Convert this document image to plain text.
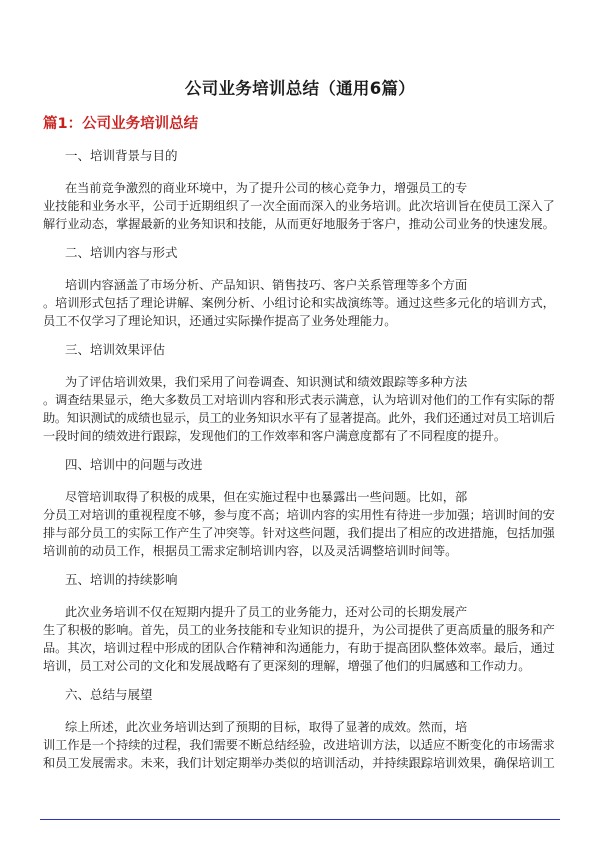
公司业务培训总结（通用6篇）
篇1：公司业务培训总结
一、培训背景与目的
在当前竞争激烈的商业环境中，为了提升公司的核心竞争力，增强员工的专
业技能和业务水平，公司于近期组织了一次全面而深入的业务培训。此次培训旨在使员工深入了
解行业动态，掌握最新的业务知识和技能，从而更好地服务于客户，推动公司业务的快速发展。
二、培训内容与形式
培训内容涵盖了市场分析、产品知识、销售技巧、客户关系管理等多个方面
。培训形式包括了理论讲解、案例分析、小组讨论和实战演练等。通过这些多元化的培训方式，
员工不仅学习了理论知识，还通过实际操作提高了业务处理能力。
三、培训效果评估
为了评估培训效果，我们采用了问卷调查、知识测试和绩效跟踪等多种方法
。调查结果显示，绝大多数员工对培训内容和形式表示满意，认为培训对他们的工作有实际的帮
助。知识测试的成绩也显示，员工的业务知识水平有了显著提高。此外，我们还通过对员工培训后
一段时间的绩效进行跟踪，发现他们的工作效率和客户满意度都有了不同程度的提升。
四、培训中的问题与改进
尽管培训取得了积极的成果，但在实施过程中也暴露出一些问题。比如，部
分员工对培训的重视程度不够，参与度不高；培训内容的实用性有待进一步加强；培训时间的安
排与部分员工的实际工作产生了冲突等。针对这些问题，我们提出了相应的改进措施，包括加强
培训前的动员工作，根据员工需求定制培训内容，以及灵活调整培训时间等。
五、培训的持续影响
此次业务培训不仅在短期内提升了员工的业务能力，还对公司的长期发展产
生了积极的影响。首先，员工的业务技能和专业知识的提升，为公司提供了更高质量的服务和产
品。其次，培训过程中形成的团队合作精神和沟通能力，有助于提高团队整体效率。最后，通过
培训，员工对公司的文化和发展战略有了更深刻的理解，增强了他们的归属感和工作动力。
六、总结与展望
综上所述，此次业务培训达到了预期的目标，取得了显著的成效。然而，培
训工作是一个持续的过程，我们需要不断总结经验，改进培训方法，以适应不断变化的市场需求
和员工发展需求。未来，我们计划定期举办类似的培训活动，并持续跟踪培训效果，确保培训工
